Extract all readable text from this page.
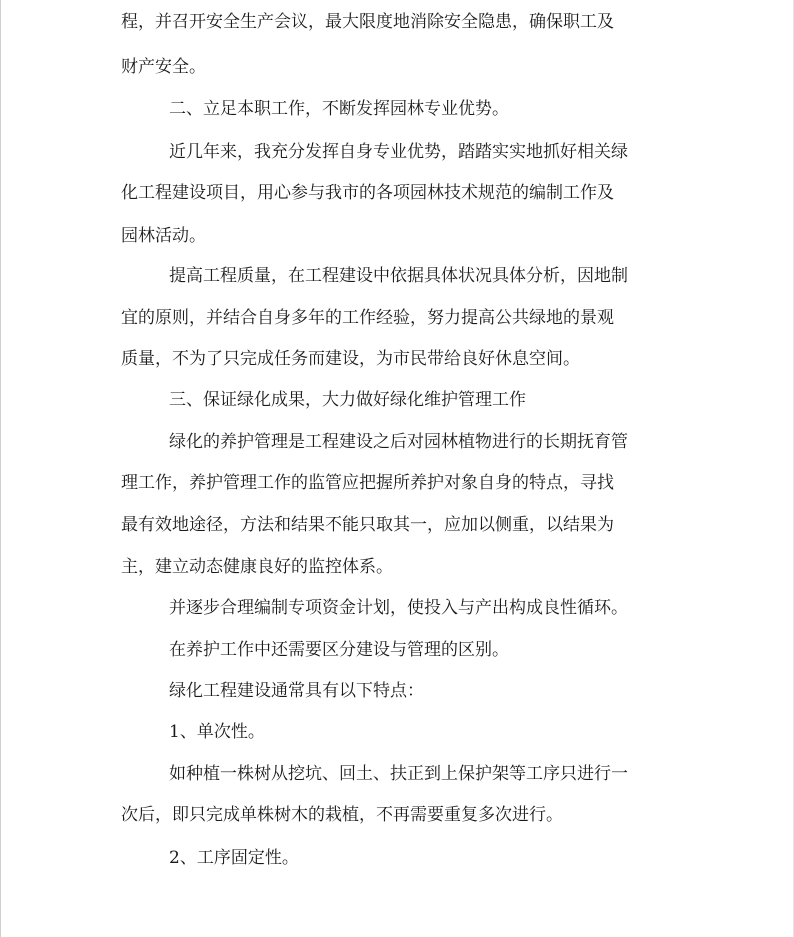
程，并召开安全生产会议，最大限度地消除安全隐患，确保职工及
财产安全。
二、立足本职工作，不断发挥园林专业优势。
近几年来，我充分发挥自身专业优势，踏踏实实地抓好相关绿
化工程建设项目，用心参与我市的各项园林技术规范的编制工作及
园林活动。
提高工程质量，在工程建设中依据具体状况具体分析，因地制
宜的原则，并结合自身多年的工作经验，努力提高公共绿地的景观
质量，不为了只完成任务而建设，为市民带给良好休息空间。
三、保证绿化成果，大力做好绿化维护管理工作
绿化的养护管理是工程建设之后对园林植物进行的长期抚育管
理工作，养护管理工作的监管应把握所养护对象自身的特点，寻找
最有效地途径，方法和结果不能只取其一，应加以侧重，以结果为
主，建立动态健康良好的监控体系。
并逐步合理编制专项资金计划，使投入与产出构成良性循环。
在养护工作中还需要区分建设与管理的区别。
绿化工程建设通常具有以下特点：
1、单次性。
如种植一株树从挖坑、回土、扶正到上保护架等工序只进行一
次后，即只完成单株树木的栽植，不再需要重复多次进行。
2、工序固定性。
